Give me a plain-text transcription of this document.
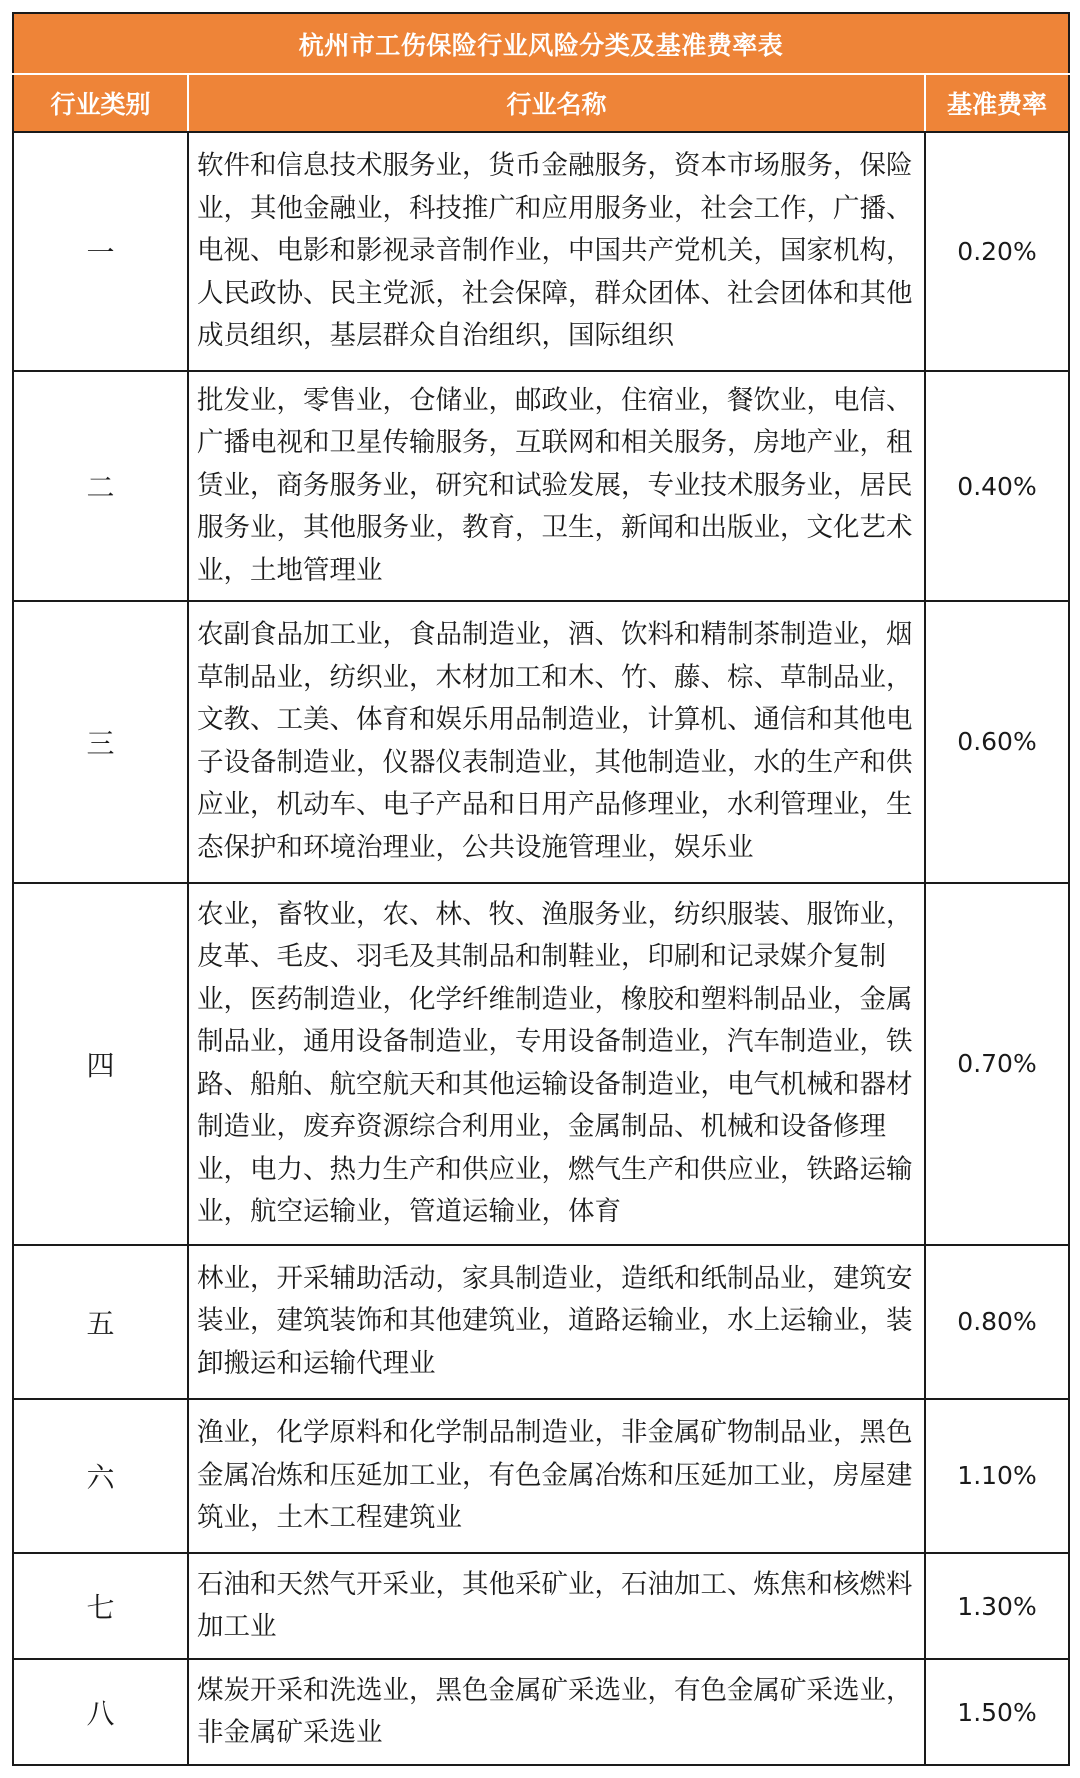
杭州市工伤保险行业风险分类及基准费率表		
行业类别	行业名称	基准费率
一	软件和信息技术服务业，货币金融服务，资本市场服务，保险业，其他金融业，科技推广和应用服务业，社会工作，广播、电视、电影和影视录音制作业，中国共产党机关，国家机构，人民政协、民主党派，社会保障，群众团体、社会团体和其他成员组织，基层群众自治组织，国际组织	0.20%
二	批发业，零售业，仓储业，邮政业，住宿业，餐饮业，电信、广播电视和卫星传输服务，互联网和相关服务，房地产业，租赁业，商务服务业，研究和试验发展，专业技术服务业，居民服务业，其他服务业，教育，卫生，新闻和出版业，文化艺术业，土地管理业	0.40%
三	农副食品加工业，食品制造业，酒、饮料和精制茶制造业，烟草制品业，纺织业，木材加工和木、竹、藤、棕、草制品业，文教、工美、体育和娱乐用品制造业，计算机、通信和其他电子设备制造业，仪器仪表制造业，其他制造业，水的生产和供应业，机动车、电子产品和日用产品修理业，水利管理业，生态保护和环境治理业，公共设施管理业，娱乐业	0.60%
四	农业，畜牧业，农、林、牧、渔服务业，纺织服装、服饰业，皮革、毛皮、羽毛及其制品和制鞋业，印刷和记录媒介复制业，医药制造业，化学纤维制造业，橡胶和塑料制品业，金属制品业，通用设备制造业，专用设备制造业，汽车制造业，铁路、船舶、航空航天和其他运输设备制造业，电气机械和器材制造业，废弃资源综合利用业，金属制品、机械和设备修理业，电力、热力生产和供应业，燃气生产和供应业，铁路运输业，航空运输业，管道运输业，体育	0.70%
五	林业，开采辅助活动，家具制造业，造纸和纸制品业，建筑安装业，建筑装饰和其他建筑业，道路运输业，水上运输业，装卸搬运和运输代理业	0.80%
六	渔业，化学原料和化学制品制造业，非金属矿物制品业，黑色金属冶炼和压延加工业，有色金属冶炼和压延加工业，房屋建筑业，土木工程建筑业	1.10%
七	石油和天然气开采业，其他采矿业，石油加工、炼焦和核燃料加工业	1.30%
八	煤炭开采和洗选业，黑色金属矿采选业，有色金属矿采选业，非金属矿采选业	1.50%
